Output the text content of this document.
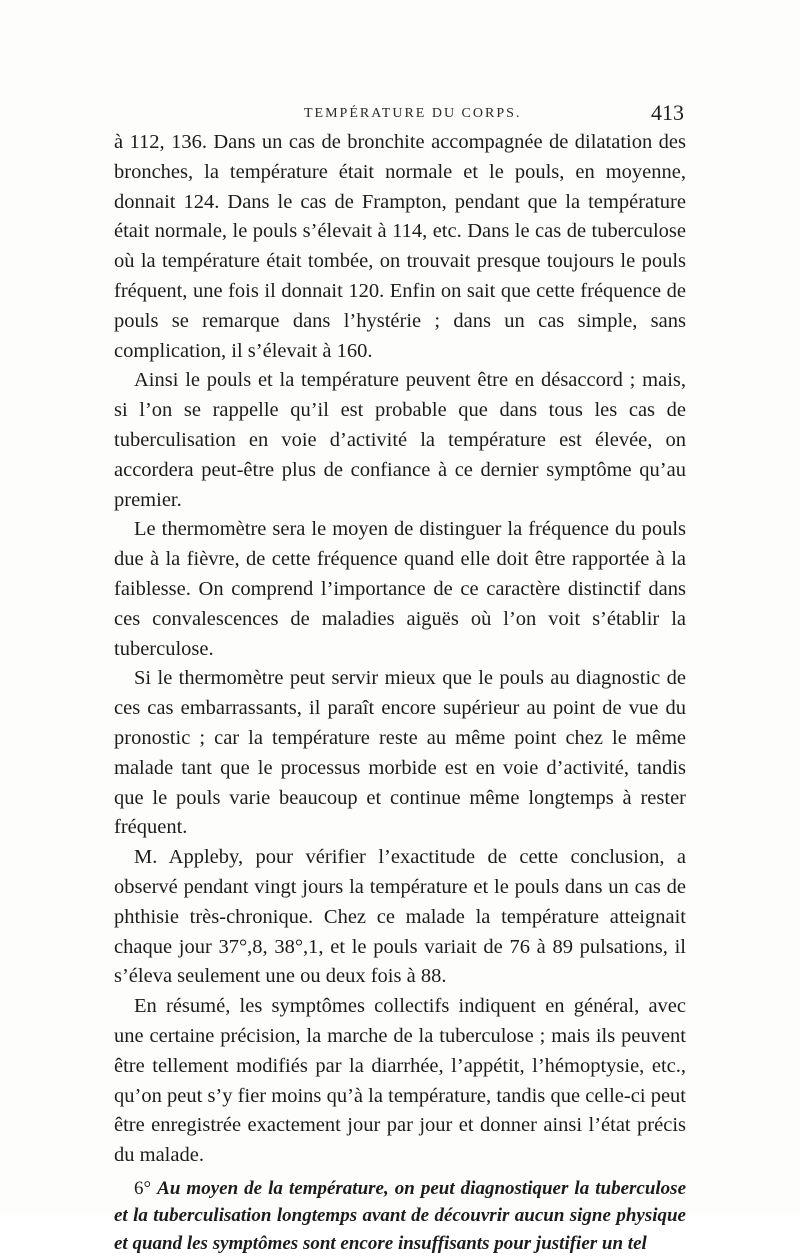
TEMPÉRATURE DU CORPS.	413

à 112, 136. Dans un cas de bronchite accompagnée de dilatation des bronches, la température était normale et le pouls, en moyenne, donnait 124. Dans le cas de Frampton, pendant que la température était normale, le pouls s’élevait à 114, etc. Dans le cas de tuberculose où la température était tombée, on trouvait presque toujours le pouls fréquent, une fois il donnait 120. Enfin on sait que cette fréquence de pouls se remarque dans l’hystérie ; dans un cas simple, sans complication, il s’élevait à 160.

Ainsi le pouls et la température peuvent être en désaccord ; mais, si l’on se rappelle qu’il est probable que dans tous les cas de tuberculisation en voie d’activité la température est élevée, on accordera peut-être plus de confiance à ce dernier symptôme qu’au premier.

Le thermomètre sera le moyen de distinguer la fréquence du pouls due à la fièvre, de cette fréquence quand elle doit être rapportée à la faiblesse. On comprend l’importance de ce caractère distinctif dans ces convalescences de maladies aiguës où l’on voit s’établir la tuberculose.

Si le thermomètre peut servir mieux que le pouls au diagnostic de ces cas embarrassants, il paraît encore supérieur au point de vue du pronostic ; car la température reste au même point chez le même malade tant que le processus morbide est en voie d’activité, tandis que le pouls varie beaucoup et continue même longtemps à rester fréquent.

M. Appleby, pour vérifier l’exactitude de cette conclusion, a observé pendant vingt jours la température et le pouls dans un cas de phthisie très-chronique. Chez ce malade la température atteignait chaque jour 37°,8, 38°,1, et le pouls variait de 76 à 89 pulsations, il s’éleva seulement une ou deux fois à 88.

En résumé, les symptômes collectifs indiquent en général, avec une certaine précision, la marche de la tuberculose ; mais ils peuvent être tellement modifiés par la diarrhée, l’appétit, l’hémoptysie, etc., qu’on peut s’y fier moins qu’à la température, tandis que celle-ci peut être enregistrée exactement jour par jour et donner ainsi l’état précis du malade.

6° Au moyen de la température, on peut diagnostiquer la tuberculose et la tuberculisation longtemps avant de découvrir aucun signe physique et quand les symptômes sont encore insuffisants pour justifier un tel
